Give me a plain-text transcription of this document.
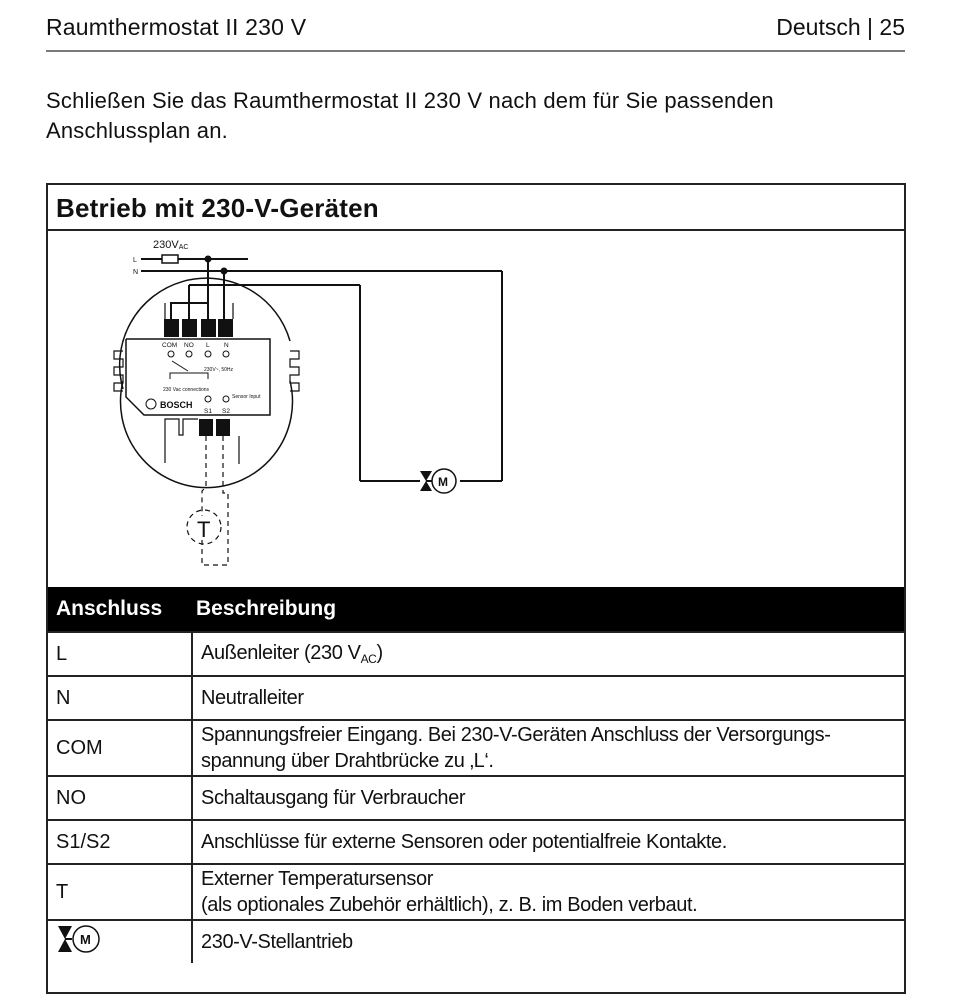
Raumthermostat II 230 V	Deutsch | 25
Schließen Sie das Raumthermostat II 230 V nach dem für Sie passenden Anschlussplan an.
Betrieb mit 230-V-Geräten
230VAC
L
N
COM NO L N
230V~, 50Hz
230 Vac connections
BOSCH
Sensor Input
S1 S2
T
M
Anschluss	Beschreibung
L	Außenleiter (230 $V_{AC}$)
N	Neutralleiter
COM	Spannungsfreier Eingang. Bei 230-V-Geräten Anschluss der Versorgungs-
spannung über Drahtbrücke zu ‚L‘.
NO	Schaltausgang für Verbraucher
S1/S2	Anschlüsse für externe Sensoren oder potentialfreie Kontakte.
T	Externer Temperatursensor
(als optionales Zubehör erhältlich), z. B. im Boden verbaut.

M	230-V-Stellantrieb
